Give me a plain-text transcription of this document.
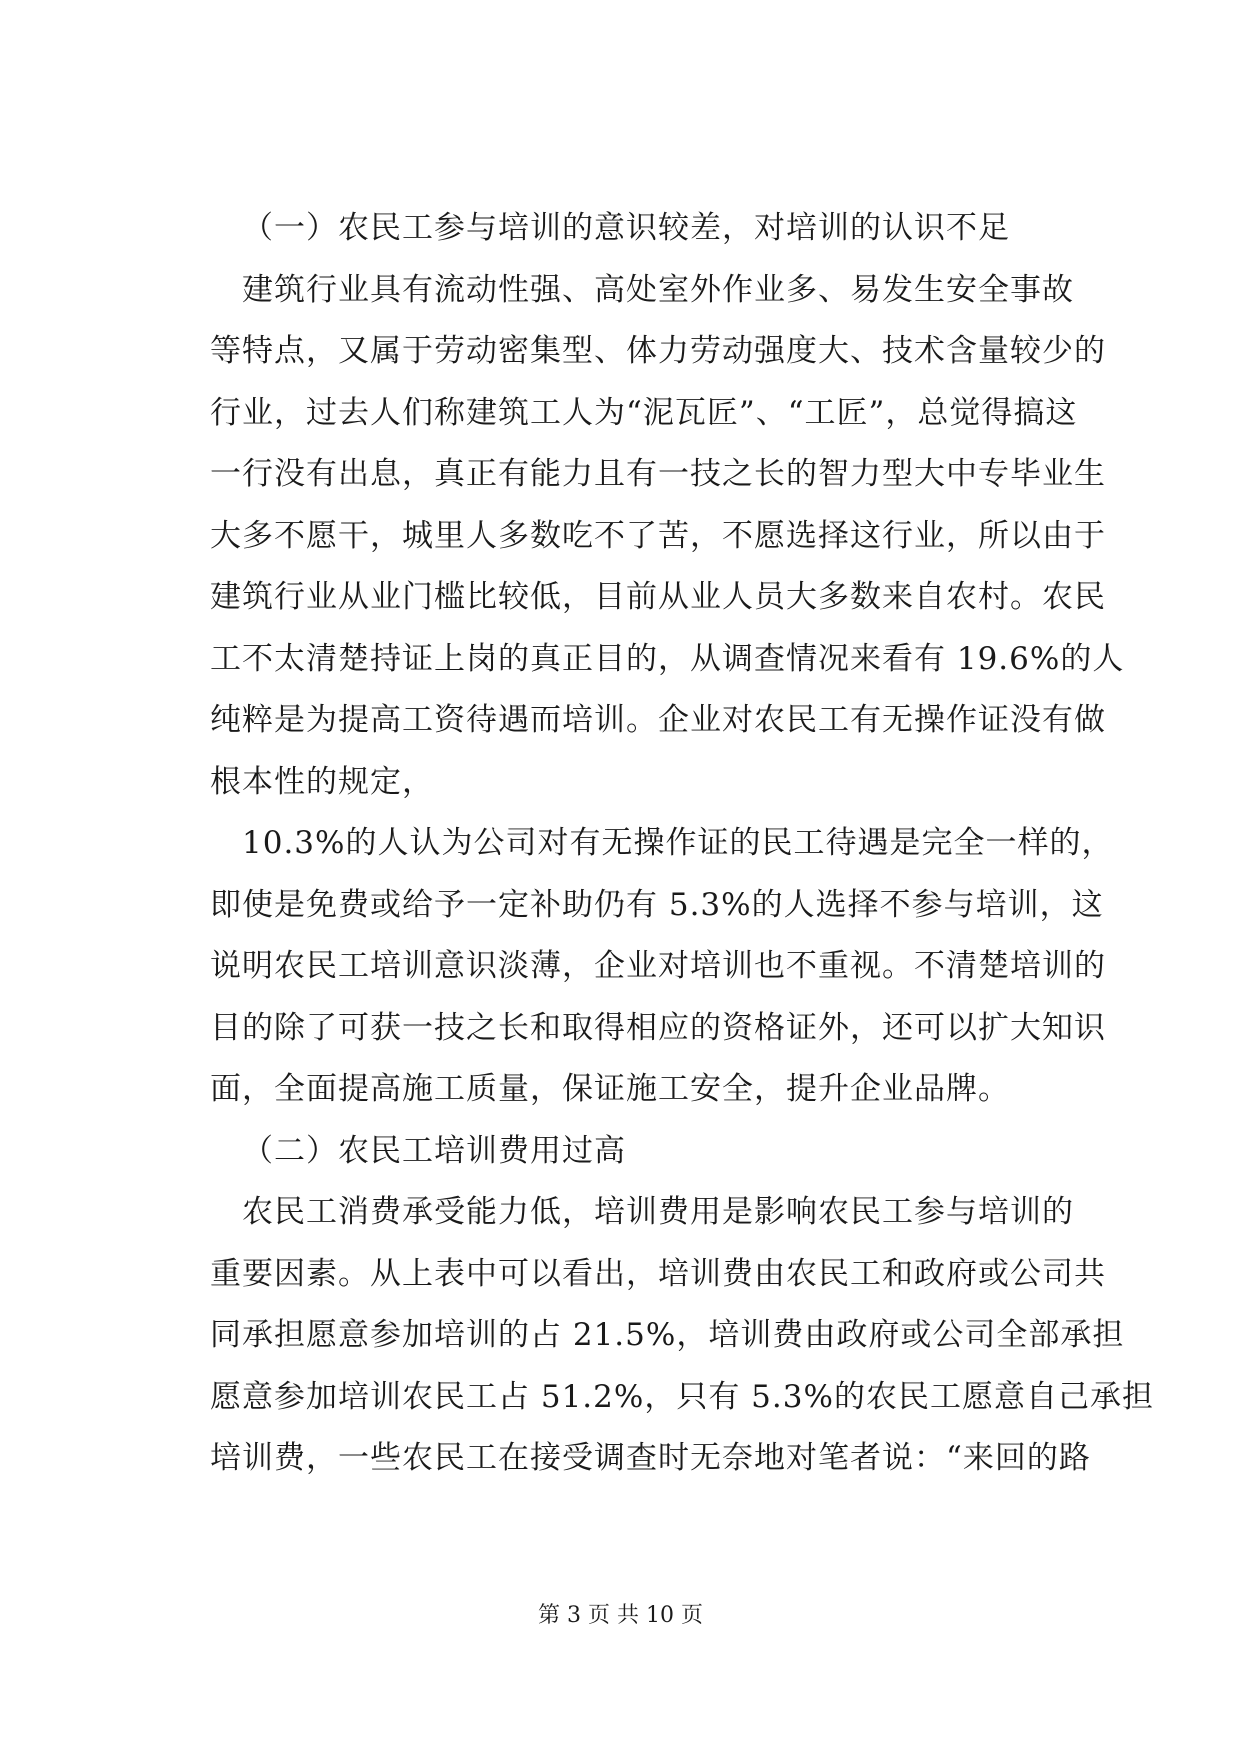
（一）农民工参与培训的意识较差，对培训的认识不足

建筑行业具有流动性强、高处室外作业多、易发生安全事故
等特点，又属于劳动密集型、体力劳动强度大、技术含量较少的
行业，过去人们称建筑工人为“泥瓦匠”、“工匠”，总觉得搞这
一行没有出息，真正有能力且有一技之长的智力型大中专毕业生
大多不愿干，城里人多数吃不了苦，不愿选择这行业，所以由于
建筑行业从业门槛比较低，目前从业人员大多数来自农村。农民
工不太清楚持证上岗的真正目的，从调查情况来看有 19.6%的人
纯粹是为提高工资待遇而培训。企业对农民工有无操作证没有做
根本性的规定，
10.3%的人认为公司对有无操作证的民工待遇是完全一样的，
即使是免费或给予一定补助仍有 5.3%的人选择不参与培训，这
说明农民工培训意识淡薄，企业对培训也不重视。不清楚培训的
目的除了可获一技之长和取得相应的资格证外，还可以扩大知识
面，全面提高施工质量，保证施工安全，提升企业品牌。

（二）农民工培训费用过高

农民工消费承受能力低，培训费用是影响农民工参与培训的
重要因素。从上表中可以看出，培训费由农民工和政府或公司共
同承担愿意参加培训的占 21.5%，培训费由政府或公司全部承担
愿意参加培训农民工占 51.2%，只有 5.3%的农民工愿意自己承担
培训费，一些农民工在接受调查时无奈地对笔者说：“来回的路
第 3 页 共 10 页
